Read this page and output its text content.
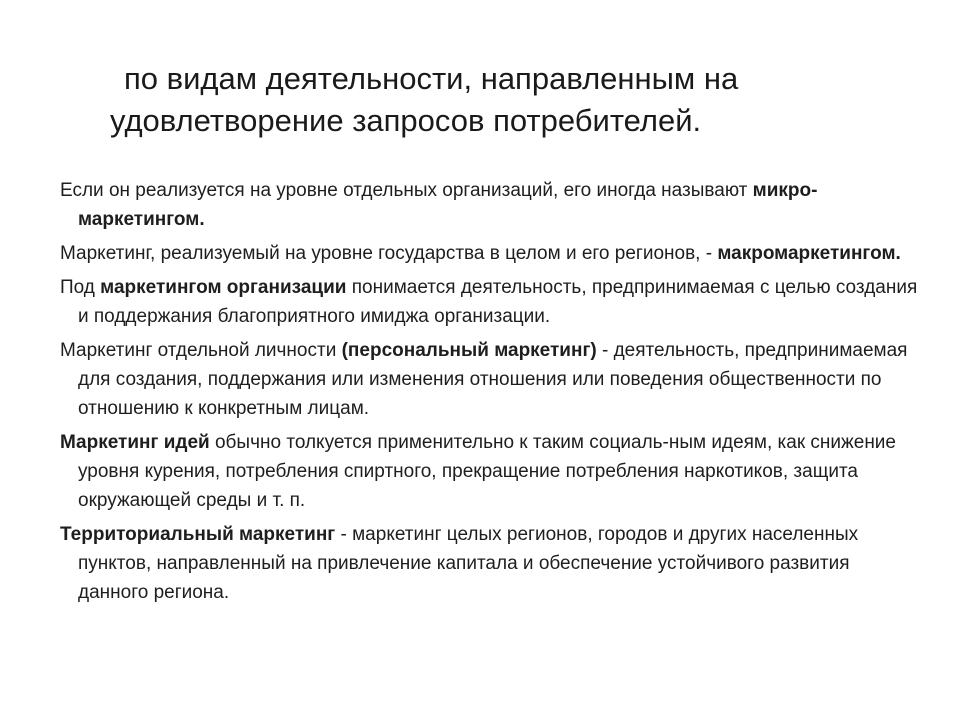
по видам деятельности, направленным на
удовлетворение запросов потребителей.

Если он реализуется на уровне отдельных организаций, его иногда называют микро-маркетингом.

Маркетинг, реализуемый на уровне государства в целом и его регионов, - макромаркетингом.

Под маркетингом организации понимается деятельность, предпринимаемая с целью создания и поддержания благоприятного имиджа организации.

Маркетинг отдельной личности (персональный маркетинг) - деятельность, предпринимаемая для создания, поддержания или изменения отношения или поведения общественности по отношению к конкретным лицам.

Маркетинг идей обычно толкуется применительно к таким социаль-ным идеям, как снижение уровня курения, потребления спиртного, прекращение потребления наркотиков, защита окружающей среды и т. п.

Территориальный маркетинг - маркетинг целых регионов, городов и других населенных пунктов, направленный на привлечение капитала и обеспечение устойчивого развития данного региона.
